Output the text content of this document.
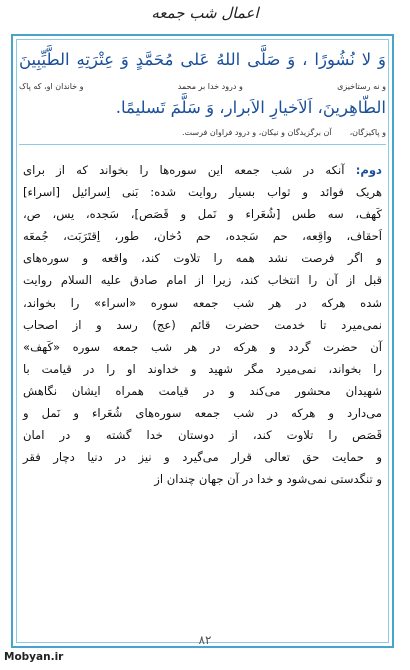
اعمال شب جمعه
وَ لا نُشُورًا ، وَ صَلَّى اللهُ عَلى مُحَمَّدٍ وَ عِتْرَتِهِ الطَّيِّبِينَ
و نه رستاخیزی
و درود خدا بر محمد
و خاندان او، که پاک
الطّاهِرينَ، اَلاَخيارِ الاَبرار، وَ سَلَّمَ تَسليمًا.
و پاکیزگان،
آن برگزیدگان و نیکان، و درود فراوان فرست.
دوم: آنکه در شب جمعه این سوره‌ها را بخواند که از برای
هریک فوائد و ثواب بسیار روایت شده: بَنی اِسرائیل [اسراء]
کَهف، سه طس [شُعَراء و نَمل و قَصَص]، سَجده، یس، ص،
اَحقاف، واقِعه، حم سَجده، حم دُخان، طور، اِقتَرَبَت، جُمعَه
و اگر فرصت نشد همه را تلاوت کند، واقعه و سوره‌های
قبل از آن را انتخاب کند، زیرا از امام صادق علیه السلام روایت
شده هرکه در هر شب جمعه سوره «اسراء» را بخواند،
نمی‌میرد تا خدمت حضرت قائم (عج) رسد و از اصحاب
آن حضرت گردد و هرکه در هر شب جمعه سوره «کَهف»
را بخواند، نمی‌میرد مگر شهید و خداوند او را در قیامت با
شهیدان محشور می‌کند و در قیامت همراه ایشان نگاهش
می‌دارد و هرکه در شب جمعه سوره‌های شُعَراء و نَمل و
قَصَص را تلاوت کند، از دوستان خدا گشته و در امان
و حمایت حق تعالی قرار می‌گیرد و نیز در دنیا دچار فقر
و تنگدستی نمی‌شود و خدا در آن جهان چندان از
۸۲
Mobyan.ir
